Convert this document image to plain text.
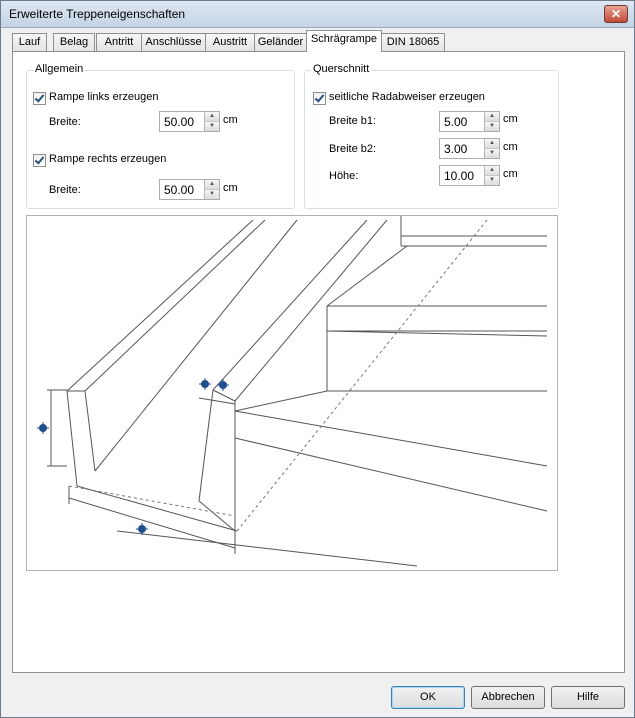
Erweiterte Treppeneigenschaften	✕
Lauf	Belag	Antritt	Anschlüsse	Austritt Geländer Schrägrampe DIN 18065
Allgemein
Rampe links erzeugen
Breite:	50.00	▲
▼ cm
Rampe rechts erzeugen
Breite:	50.00	▲
▼ cm
Querschnitt
seitliche Radabweiser erzeugen
Breite b1:	5.00	▲
▼
cm
Breite b2:	3.00	▲
▼ cm
Höhe:	10.00	▲
▼ cm
OK	Abbrechen	Hilfe
